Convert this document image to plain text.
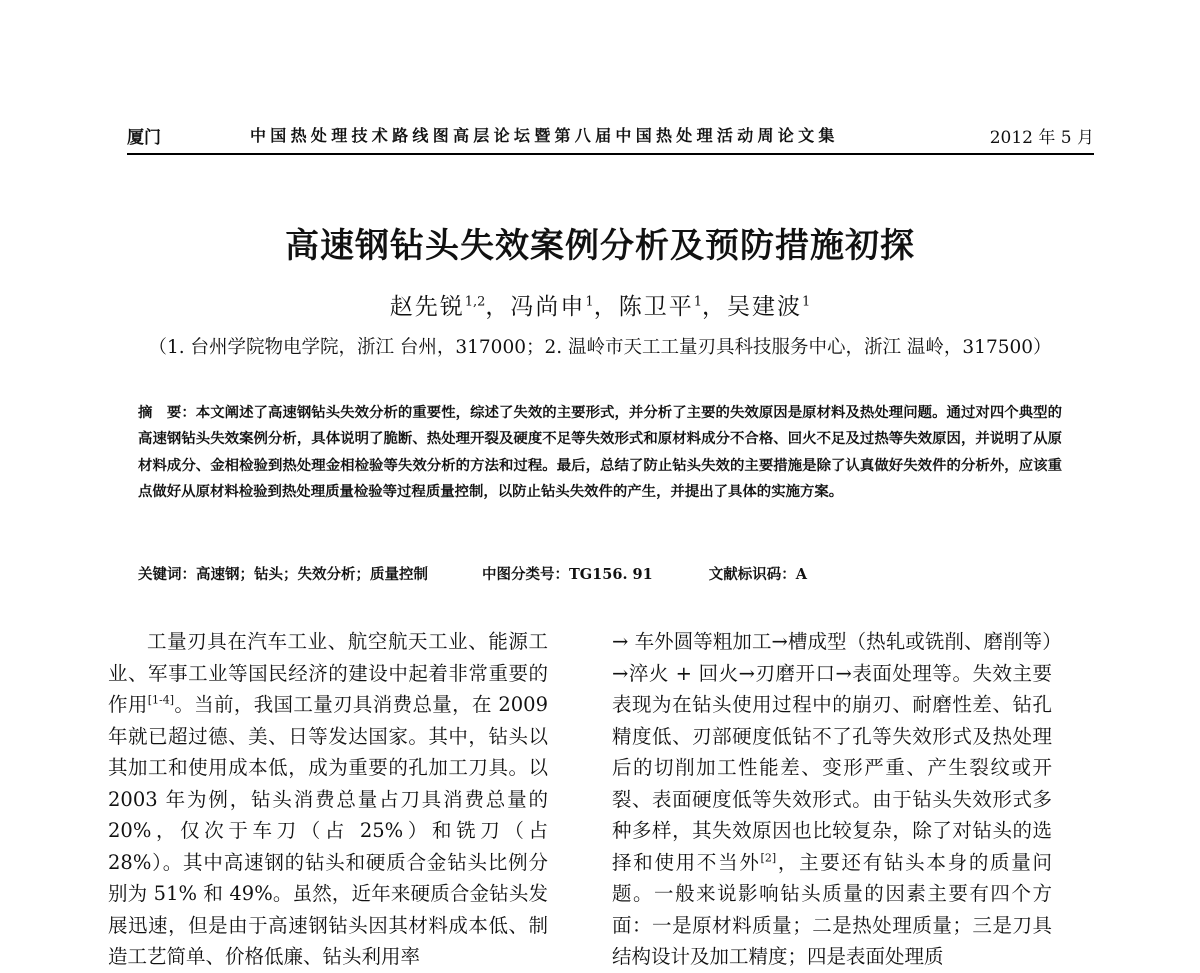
厦门	中国热处理技术路线图高层论坛暨第八届中国热处理活动周论文集	2012 年 5 月
高速钢钻头失效案例分析及预防措施初探
赵先锐$^{1,2}$，冯尚申$^1$，陈卫平$^1$，吴建波$^1$
（1. 台州学院物电学院，浙江 台州，317000；2. 温岭市天工工量刃具科技服务中心，浙江 温岭，317500）
摘　要：本文阐述了高速钢钻头失效分析的重要性，综述了失效的主要形式，并分析了主要的失效原因是原材料及热处理问题。通过对四个典型的高速钢钻头失效案例分析，具体说明了脆断、热处理开裂及硬度不足等失效形式和原材料成分不合格、回火不足及过热等失效原因，并说明了从原材料成分、金相检验到热处理金相检验等失效分析的方法和过程。最后，总结了防止钻头失效的主要措施是除了认真做好失效件的分析外，应该重点做好从原材料检验到热处理质量检验等过程质量控制，以防止钻头失效件的产生，并提出了具体的实施方案。
关键词：高速钢；钻头；失效分析；质量控制	中图分类号：TG156. 91	文献标识码：A
工量刃具在汽车工业、航空航天工业、能源工业、军事工业等国民经济的建设中起着非常重要的作用[1-4]。当前，我国工量刃具消费总量，在 2009 年就已超过德、美、日等发达国家。其中，钻头以其加工和使用成本低，成为重要的孔加工刀具。以 2003 年为例，钻头消费总量占刀具消费总量的 20%，仅次于车刀（占 25%）和铣刀（占 28%）。其中高速钢的钻头和硬质合金钻头比例分别为 51% 和 49%。虽然，近年来硬质合金钻头发展迅速，但是由于高速钢钻头因其材料成本低、制造工艺简单、价格低廉、钻头利用率
→ 车外圆等粗加工→槽成型（热轧或铣削、磨削等）→淬火 + 回火→刃磨开口→表面处理等。失效主要表现为在钻头使用过程中的崩刃、耐磨性差、钻孔精度低、刃部硬度低钻不了孔等失效形式及热处理后的切削加工性能差、变形严重、产生裂纹或开裂、表面硬度低等失效形式。由于钻头失效形式多种多样，其失效原因也比较复杂，除了对钻头的选择和使用不当外[2]，主要还有钻头本身的质量问题。一般来说影响钻头质量的因素主要有四个方面：一是原材料质量；二是热处理质量；三是刀具结构设计及加工精度；四是表面处理质
